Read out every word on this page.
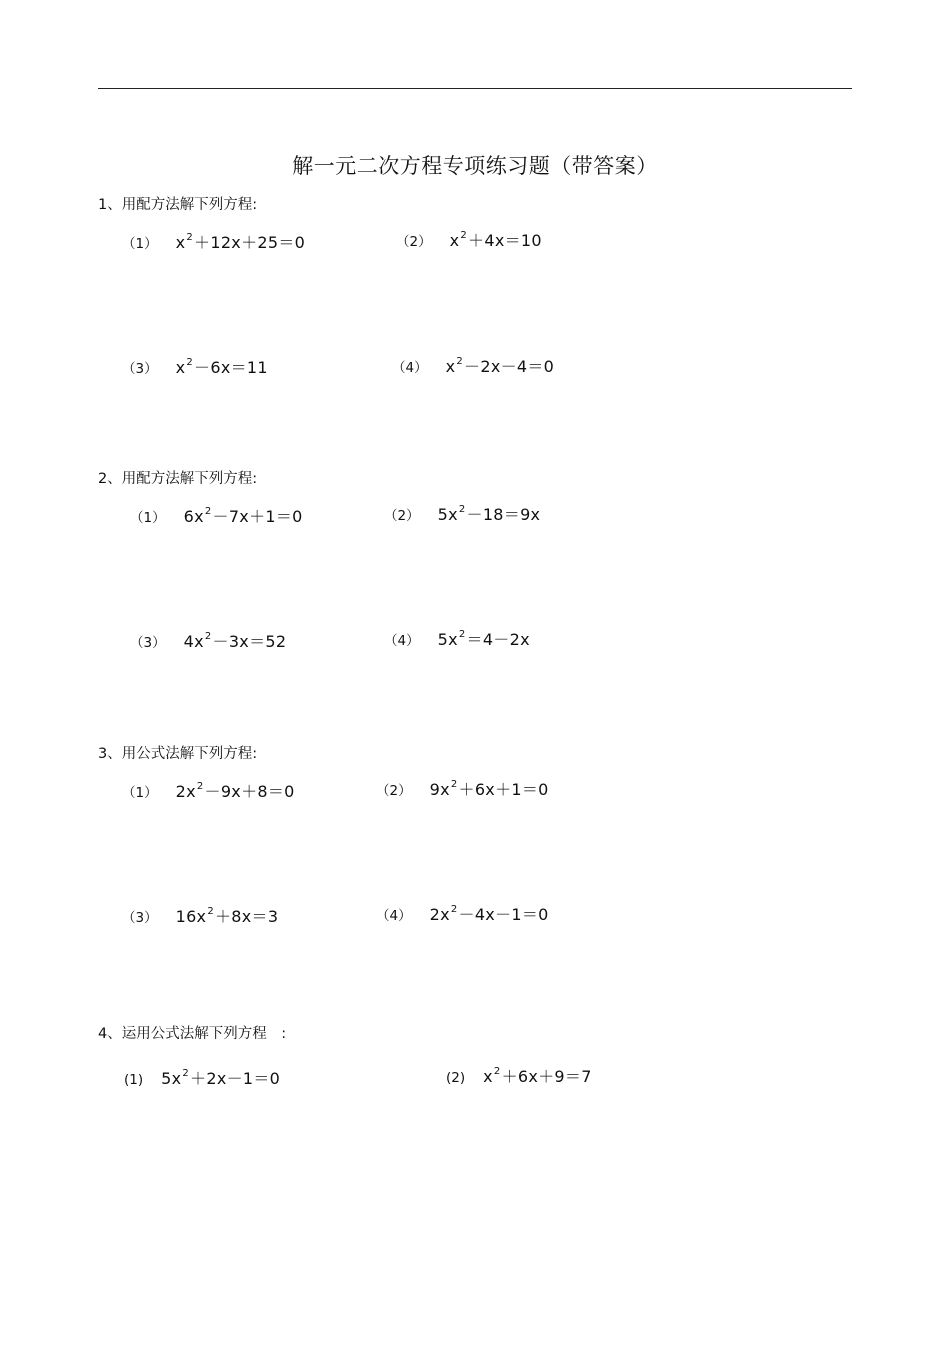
解一元二次方程专项练习题（带答案）
1、用配方法解下列方程:
（1） $x^2+12x+25=0$	（2） $x^2+4x=10$
（3） $x^2-6x=11$	（4） $x^2-2x-4=0$
2、用配方法解下列方程:
（1） $6x^2-7x+1=0$	（2） $5x^2-18=9x$
（3） $4x^2-3x=52$	（4） $5x^2=4-2x$
3、用公式法解下列方程:
（1） $2x^2-9x+8=0$	（2） $9x^2+6x+1=0$
（3） $16x^2+8x=3$	（4） $2x^2-4x-1=0$
4、运用公式法解下列方程　:
(1) $5x^2+2x-1=0$	(2) $x^2+6x+9=7$
